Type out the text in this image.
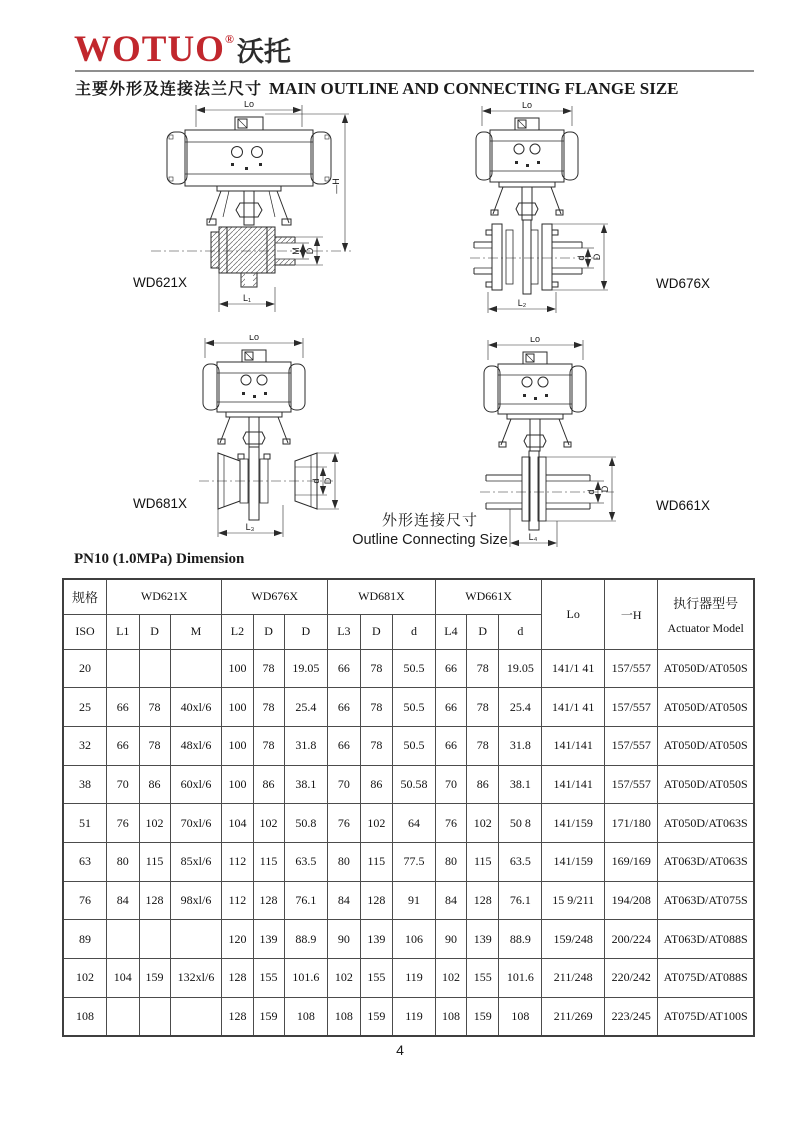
WOTUO® 沃托
主要外形及连接法兰尺寸 MAIN OUTLINE AND CONNECTING FLANGE SIZE
Lo
—H
M D
L₁
Lo
d D
L₂
Lo
d D
L₃
Lo
d D
L₄
WD621X	WD676X
WD681X	WD661X
外形连接尺寸
Outline Connecting Size
PN10 (1.0MPa) Dimension
规格	WD621X			WD676X			WD681X			WD661X			Lo	一H	执行器型号
Actuator Model

ISO	L1	D	M	L2	D	D	L3	D	d	L4	D	d			
20				100	78	19.05	66	78	50.5	66	78	19.05	141/1 41	157/557	AT050D/AT050S
25	66	78	40xl/6	100	78	25.4	66	78	50.5	66	78	25.4	141/1 41	157/557	AT050D/AT050S
32	66	78	48xl/6	100	78	31.8	66	78	50.5	66	78	31.8	141/141	157/557	AT050D/AT050S
38	70	86	60xl/6	100	86	38.1	70	86	50.58	70	86	38.1	141/141	157/557	AT050D/AT050S
51	76	102	70xl/6	104	102	50.8	76	102	64	76	102	50 8	141/159	171/180	AT050D/AT063S
63	80	115	85xl/6	112	115	63.5	80	115	77.5	80	115	63.5	141/159	169/169	AT063D/AT063S
76	84	128	98xl/6	112	128	76.1	84	128	91	84	128	76.1	15 9/211	194/208	AT063D/AT075S
89				120	139	88.9	90	139	106	90	139	88.9	159/248	200/224	AT063D/AT088S
102	104	159	132xl/6	128	155	101.6	102	155	119	102	155	101.6	211/248	220/242	AT075D/AT088S
108				128	159	108	108	159	119	108	159	108	211/269	223/245	AT075D/AT100S
4
